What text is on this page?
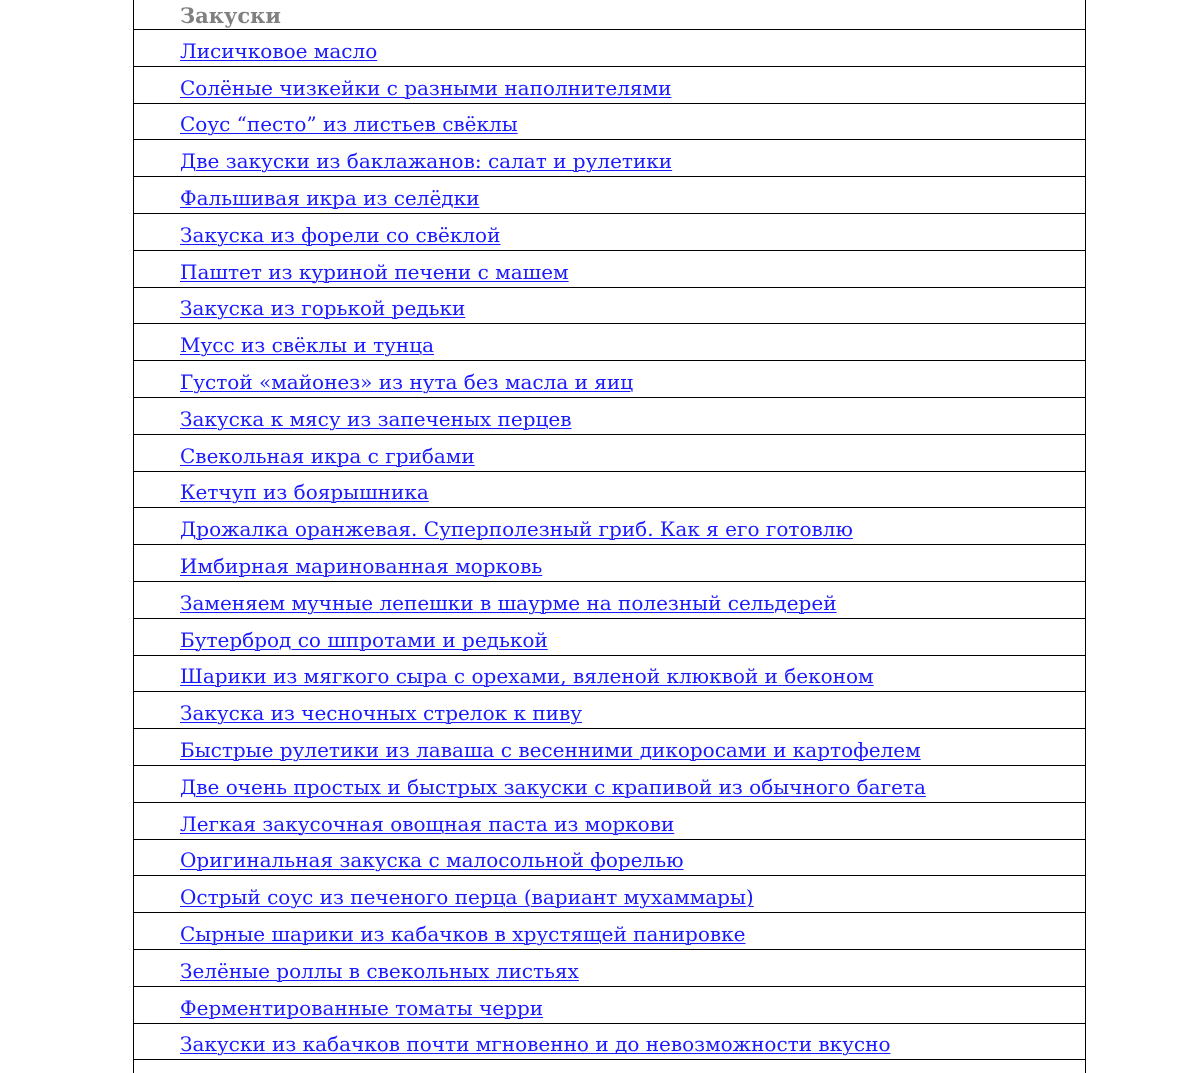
Закуски
Лисичковое масло
Солёные чизкейки с разными наполнителями
Соус “песто” из листьев свёклы
Две закуски из баклажанов: салат и рулетики
Фальшивая икра из селёдки
Закуска из форели со свёклой
Паштет из куриной печени с машем
Закуска из горькой редьки
Мусс из свёклы и тунца
Густой «майонез» из нута без масла и яиц
Закуска к мясу из запеченых перцев
Свекольная икра с грибами
Кетчуп из боярышника
Дрожалка оранжевая. Суперполезный гриб. Как я его готовлю
Имбирная маринованная морковь
Заменяем мучные лепешки в шаурме на полезный сельдерей
Бутерброд со шпротами и редькой
Шарики из мягкого сыра с орехами, вяленой клюквой и беконом
Закуска из чесночных стрелок к пиву
Быстрые рулетики из лаваша с весенними дикоросами и картофелем
Две очень простых и быстрых закуски с крапивой из обычного багета
Легкая закусочная овощная паста из моркови
Оригинальная закуска с малосольной форелью
Острый соус из печеного перца (вариант мухаммары)
Сырные шарики из кабачков в хрустящей панировке
Зелёные роллы в свекольных листьях
Ферментированные томаты черри
Закуски из кабачков почти мгновенно и до невозможности вкусно
